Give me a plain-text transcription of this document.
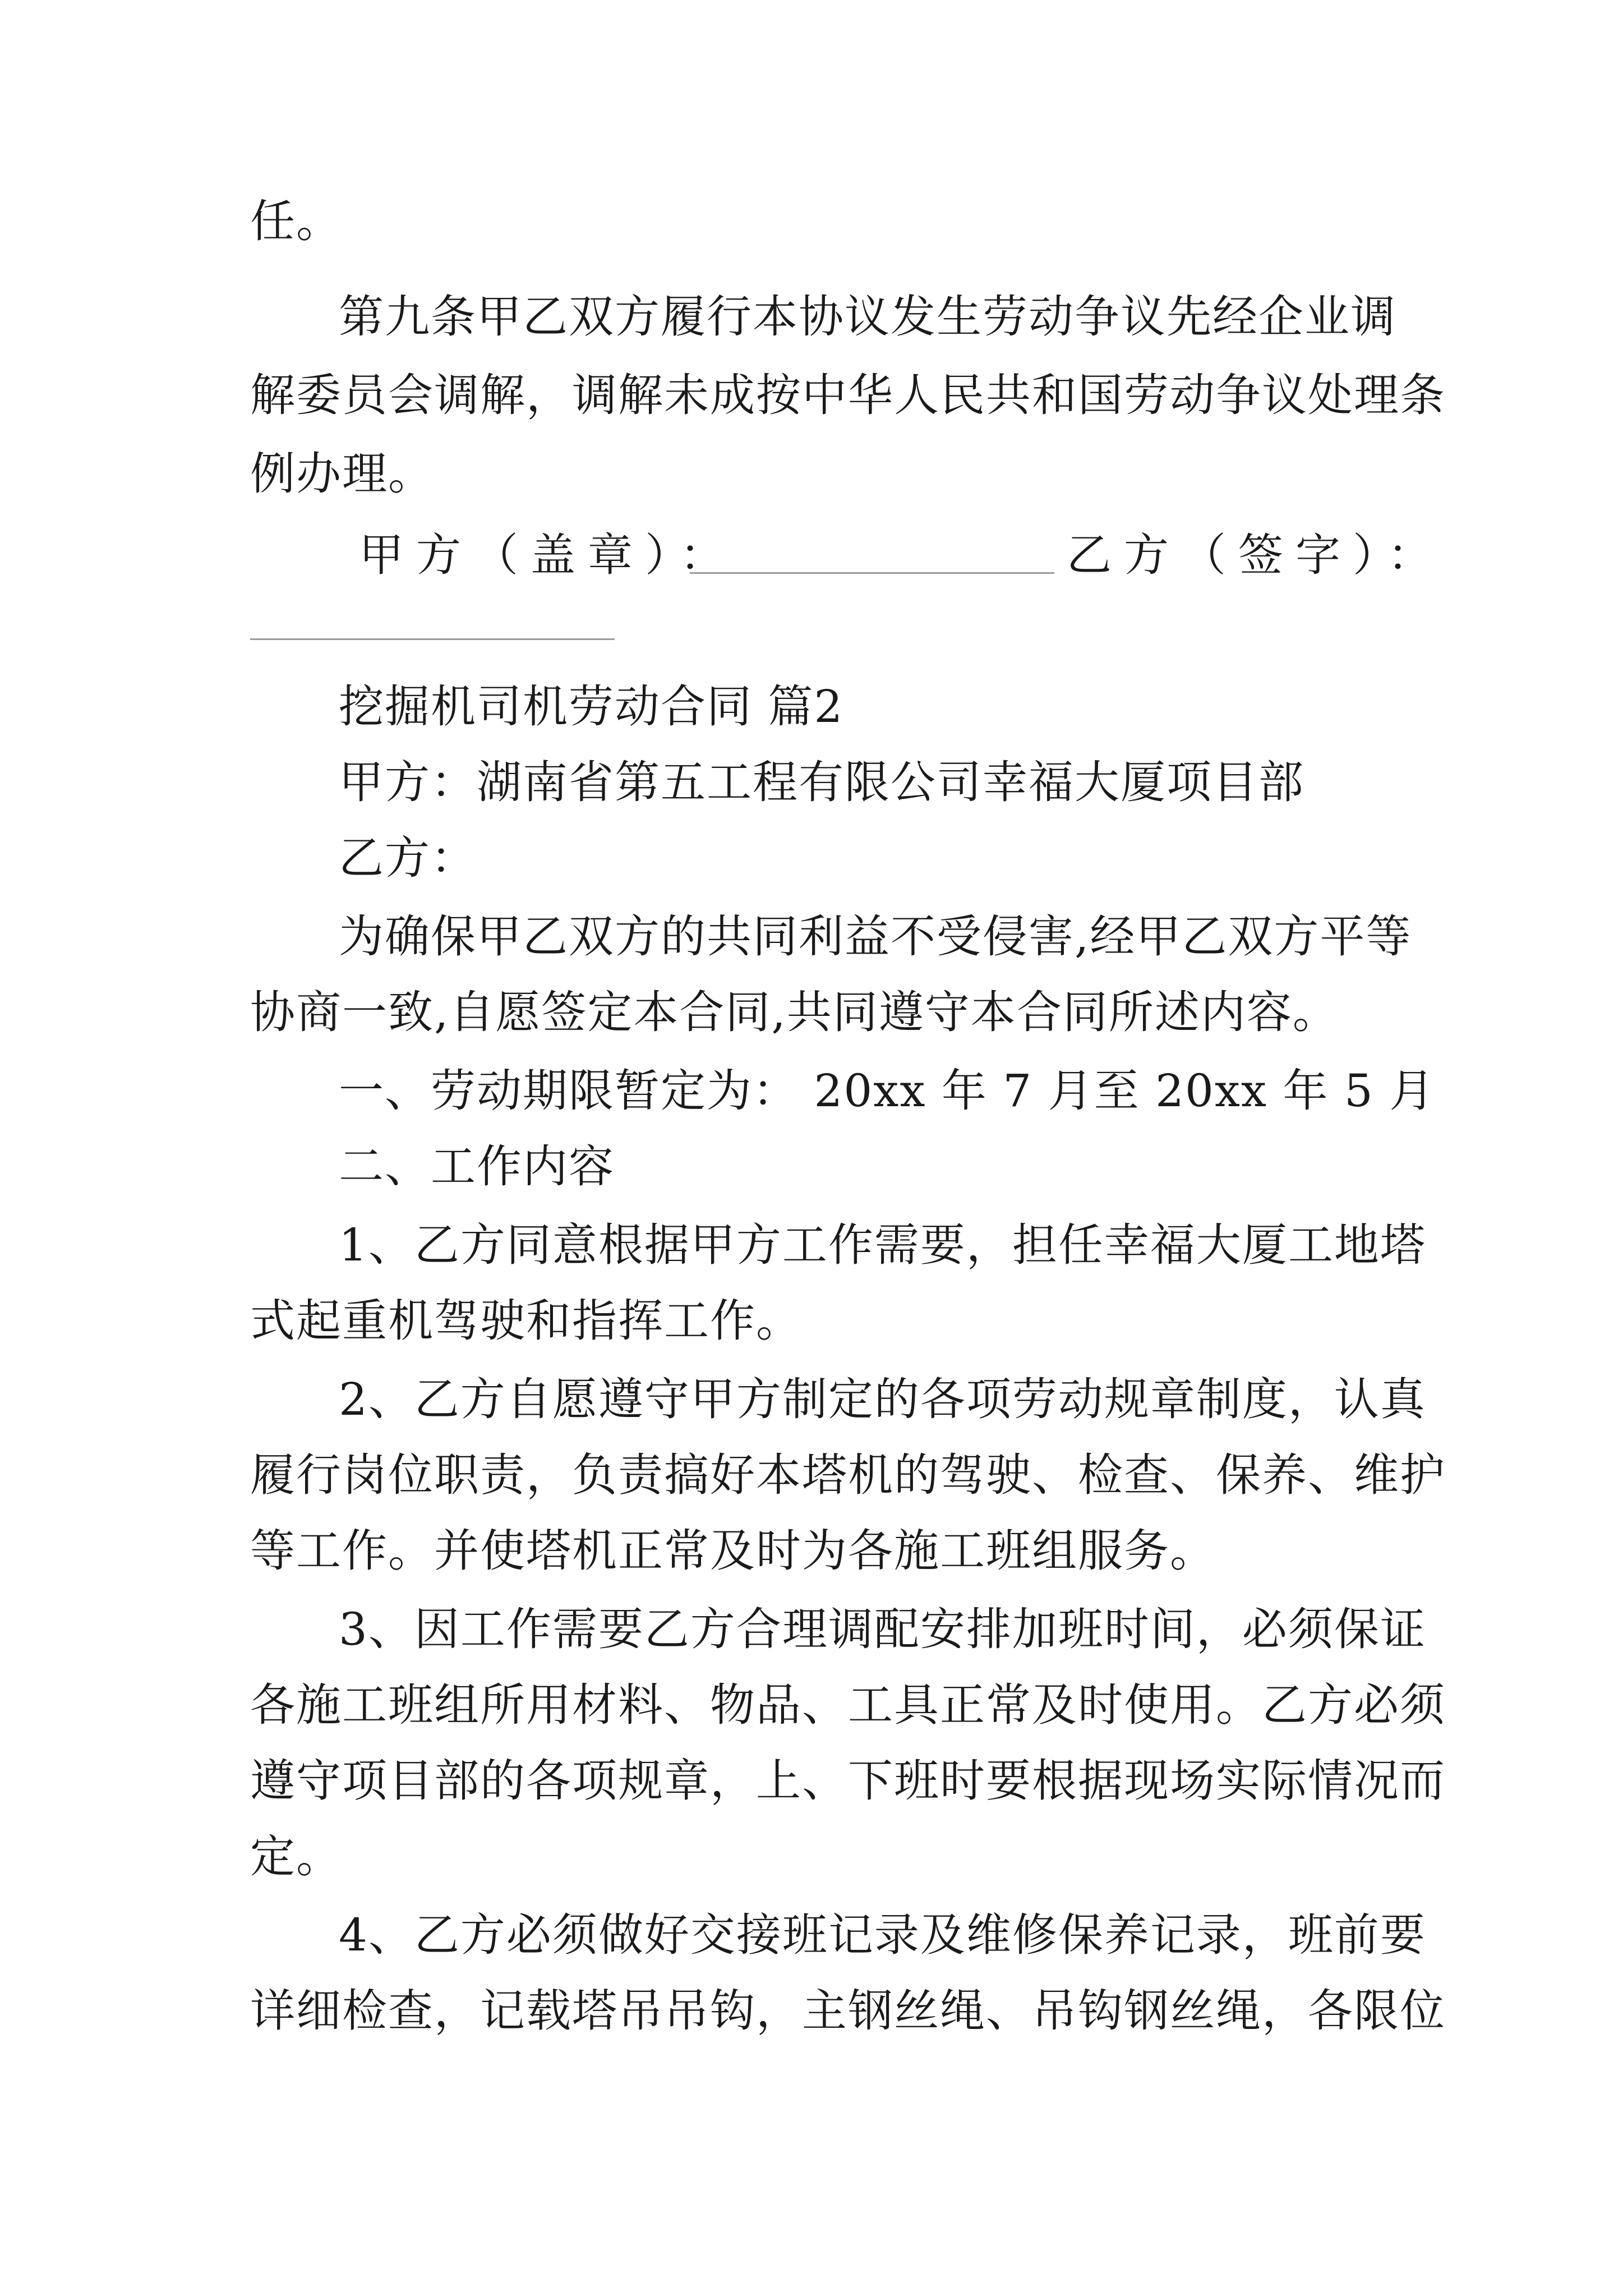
任。
第九条甲乙双方履行本协议发生劳动争议先经企业调
解委员会调解，调解未成按中华人民共和国劳动争议处理条
例办理。
甲方（盖章）：	乙方（签字）：
挖掘机司机劳动合同 篇2
甲方：湖南省第五工程有限公司幸福大厦项目部
乙方：
为确保甲乙双方的共同利益不受侵害,经甲乙双方平等
协商一致,自愿签定本合同,共同遵守本合同所述内容。
一、劳动期限暂定为： 20xx 年 7 月至 20xx 年 5 月
二、工作内容
1、乙方同意根据甲方工作需要，担任幸福大厦工地塔
式起重机驾驶和指挥工作。
2、乙方自愿遵守甲方制定的各项劳动规章制度，认真
履行岗位职责，负责搞好本塔机的驾驶、检查、保养、维护
等工作。并使塔机正常及时为各施工班组服务。
3、因工作需要乙方合理调配安排加班时间，必须保证
各施工班组所用材料、物品、工具正常及时使用。乙方必须
遵守项目部的各项规章，上、下班时要根据现场实际情况而
定。
4、乙方必须做好交接班记录及维修保养记录，班前要
详细检查，记载塔吊吊钩，主钢丝绳、吊钩钢丝绳，各限位
